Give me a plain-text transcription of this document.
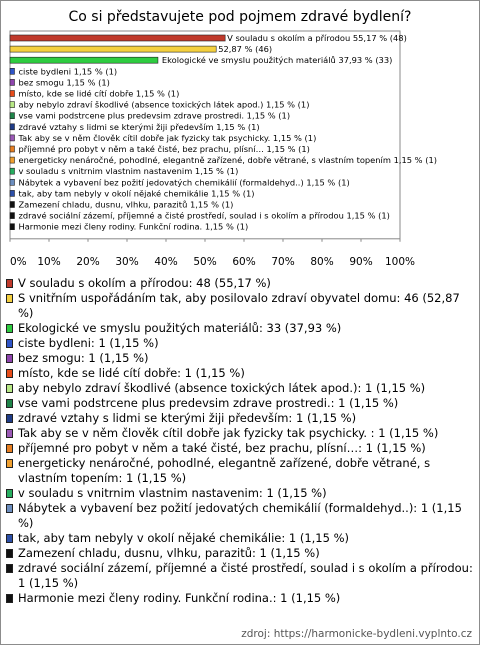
Co si představujete pod pojmem zdravé bydlení?
V souladu s okolím a přírodou 55,17 % (48)
52,87 % (46)
Ekologické ve smyslu použitých materiálů 37,93 % (33)
ciste bydleni 1,15 % (1)
bez smogu 1,15 % (1)
místo, kde se lidé cítí dobře 1,15 % (1)
aby nebylo zdraví škodlivé (absence toxických látek apod.) 1,15 % (1)
vse vami podstrcene plus predevsim zdrave prostredi. 1,15 % (1)
zdravé vztahy s lidmi se kterými žiji především 1,15 % (1)
Tak aby se v něm člověk cítil dobře jak fyzicky tak psychicky. 1,15 % (1)
příjemné pro pobyt v něm a také čisté, bez prachu, plísní… 1,15 % (1)
energeticky nenáročné, pohodlné, elegantně zařízené, dobře větrané, s vlastním topením 1,15 % (1)
v souladu s vnitrnim vlastnim nastavenim 1,15 % (1)
Nábytek a vybavení bez požití jedovatých chemikálií (formaldehyd..) 1,15 % (1)
tak, aby tam nebyly v okolí nějaké chemikálie 1,15 % (1)
Zamezení chladu, dusnu, vlhku, parazitů 1,15 % (1)
zdravé sociální zázemí, příjemné a čisté prostředí, soulad i s okolím a přírodou 1,15 % (1)
Harmonie mezi členy rodiny. Funkční rodina. 1,15 % (1)
0% 10% 20% 30% 40% 50% 60% 70% 80% 90% 100%
V souladu s okolím a přírodou: 48 (55,17 %)
S vnitřním uspořádáním tak, aby posilovalo zdraví obyvatel domu: 46 (52,87 %)
Ekologické ve smyslu použitých materiálů: 33 (37,93 %)
ciste bydleni: 1 (1,15 %)
bez smogu: 1 (1,15 %)
místo, kde se lidé cítí dobře: 1 (1,15 %)
aby nebylo zdraví škodlivé (absence toxických látek apod.): 1 (1,15 %)
vse vami podstrcene plus predevsim zdrave prostredi.: 1 (1,15 %)
zdravé vztahy s lidmi se kterými žiji především: 1 (1,15 %)
Tak aby se v něm člověk cítil dobře jak fyzicky tak psychicky. : 1 (1,15 %)
příjemné pro pobyt v něm a také čisté, bez prachu, plísní…: 1 (1,15 %)
energeticky nenáročné, pohodlné, elegantně zařízené, dobře větrané, s vlastním topením: 1 (1,15 %)
v souladu s vnitrnim vlastnim nastavenim: 1 (1,15 %)
Nábytek a vybavení bez požití jedovatých chemikálií (formaldehyd..): 1 (1,15 %)
tak, aby tam nebyly v okolí nějaké chemikálie: 1 (1,15 %)
Zamezení chladu, dusnu, vlhku, parazitů: 1 (1,15 %)
zdravé sociální zázemí, příjemné a čisté prostředí, soulad i s okolím a přírodou: 1 (1,15 %)
Harmonie mezi členy rodiny. Funkční rodina.: 1 (1,15 %)
zdroj: https://harmonicke-bydleni.vyplnto.cz
